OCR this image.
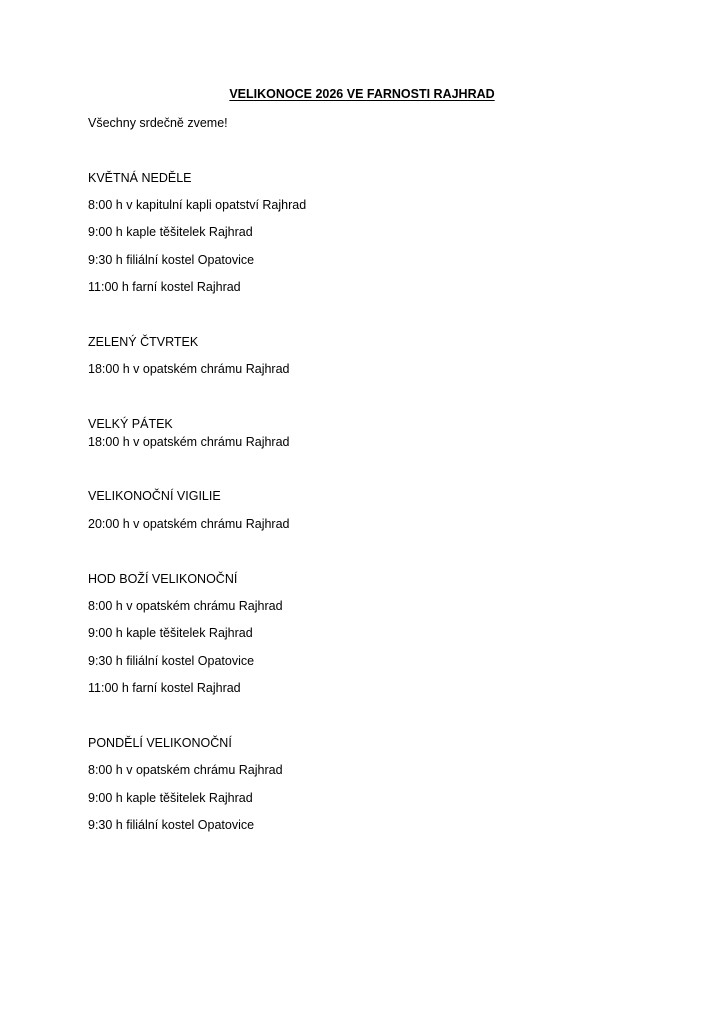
VELIKONOCE 2026 VE FARNOSTI RAJHRAD
Všechny srdečně zveme!
KVĚTNÁ NEDĚLE
8:00 h v kapitulní kapli opatství Rajhrad
9:00 h kaple těšitelek Rajhrad
9:30 h filiální kostel Opatovice
11:00 h farní kostel Rajhrad
ZELENÝ ČTVRTEK
18:00 h v opatském chrámu Rajhrad
VELKÝ PÁTEK
18:00 h v opatském chrámu Rajhrad
VELIKONOČNÍ VIGILIE
20:00 h v opatském chrámu Rajhrad
HOD BOŽÍ VELIKONOČNÍ
8:00 h v opatském chrámu Rajhrad
9:00 h kaple těšitelek Rajhrad
9:30 h filiální kostel Opatovice
11:00 h farní kostel Rajhrad
PONDĚLÍ VELIKONOČNÍ
8:00 h v opatském chrámu Rajhrad
9:00 h kaple těšitelek Rajhrad
9:30 h filiální kostel Opatovice
